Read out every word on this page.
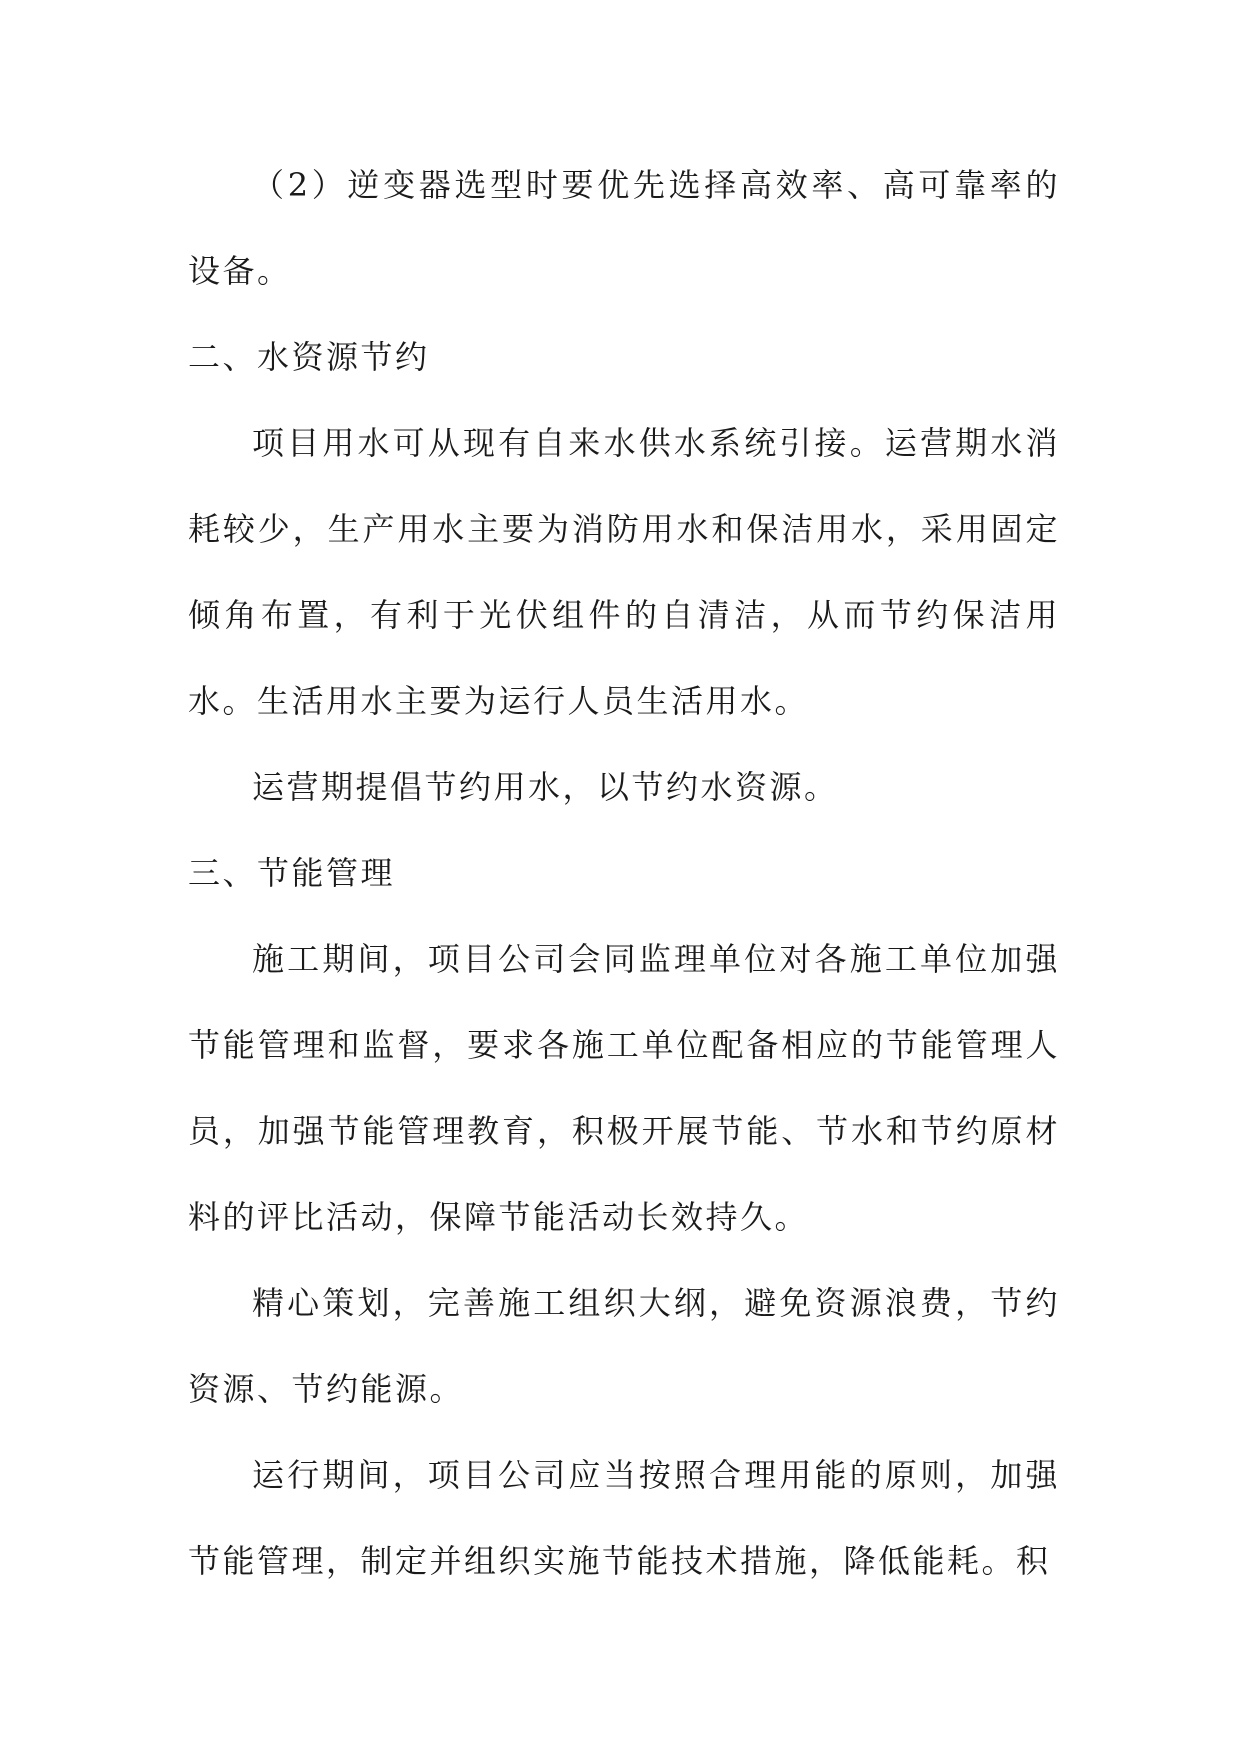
（2）逆变器选型时要优先选择高效率、高可靠率的设备。

二、水资源节约

项目用水可从现有自来水供水系统引接。运营期水消耗较少，生产用水主要为消防用水和保洁用水，采用固定倾角布置，有利于光伏组件的自清洁，从而节约保洁用水。生活用水主要为运行人员生活用水。

运营期提倡节约用水，以节约水资源。

三、节能管理

施工期间，项目公司会同监理单位对各施工单位加强节能管理和监督，要求各施工单位配备相应的节能管理人员，加强节能管理教育，积极开展节能、节水和节约原材料的评比活动，保障节能活动长效持久。

精心策划，完善施工组织大纲，避免资源浪费，节约资源、节约能源。

运行期间，项目公司应当按照合理用能的原则，加强节能管理，制定并组织实施节能技术措施，降低能耗。积
